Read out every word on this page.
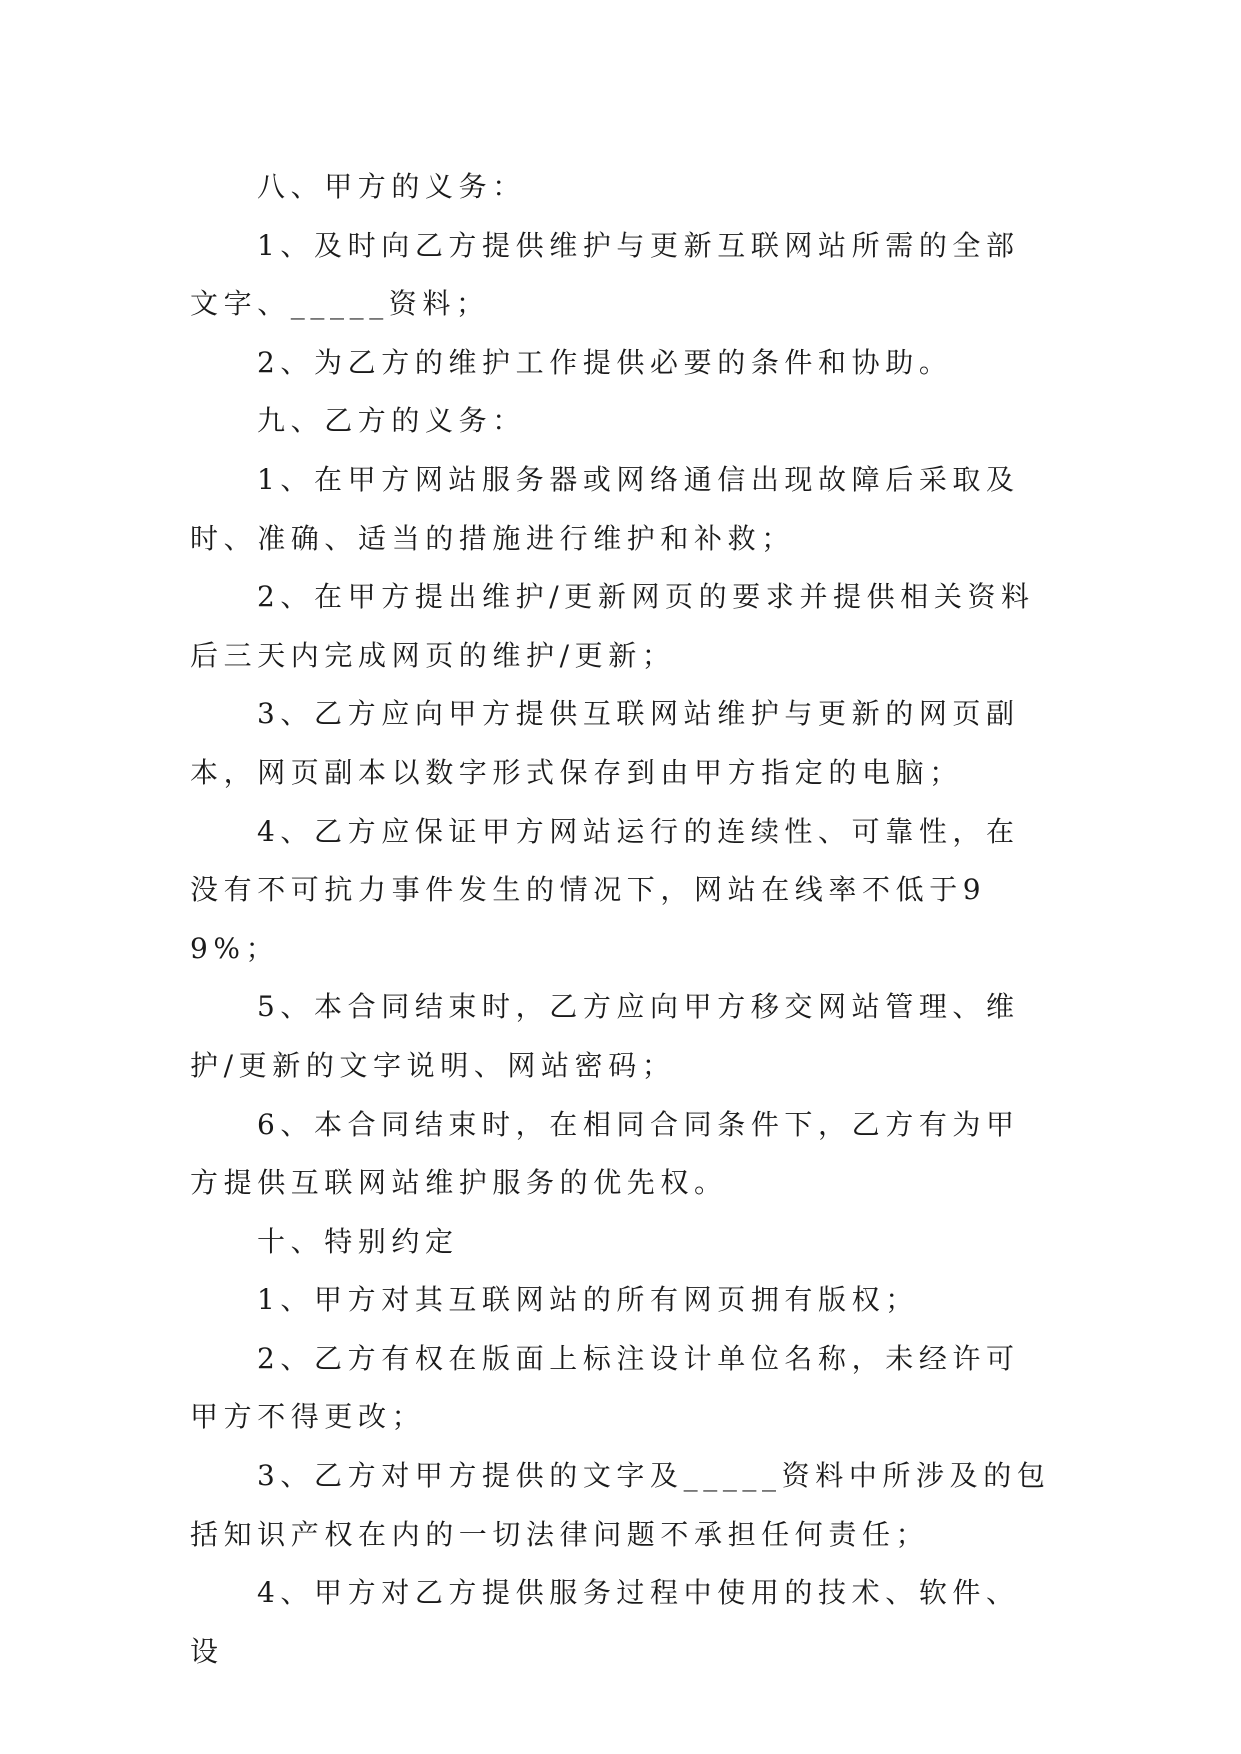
八、甲方的义务：

1、及时向乙方提供维护与更新互联网站所需的全部文字、_____资料；

2、为乙方的维护工作提供必要的条件和协助。

九、乙方的义务：

1、在甲方网站服务器或网络通信出现故障后采取及时、准确、适当的措施进行维护和补救；

2、在甲方提出维护/更新网页的要求并提供相关资料后三天内完成网页的维护/更新；

3、乙方应向甲方提供互联网站维护与更新的网页副本，网页副本以数字形式保存到由甲方指定的电脑；

4、乙方应保证甲方网站运行的连续性、可靠性，在没有不可抗力事件发生的情况下，网站在线率不低于99%；

5、本合同结束时，乙方应向甲方移交网站管理、维护/更新的文字说明、网站密码；

6、本合同结束时，在相同合同条件下，乙方有为甲方提供互联网站维护服务的优先权。

十、特别约定

1、甲方对其互联网站的所有网页拥有版权；

2、乙方有权在版面上标注设计单位名称，未经许可甲方不得更改；

3、乙方对甲方提供的文字及_____资料中所涉及的包括知识产权在内的一切法律问题不承担任何责任；

4、甲方对乙方提供服务过程中使用的技术、软件、设
